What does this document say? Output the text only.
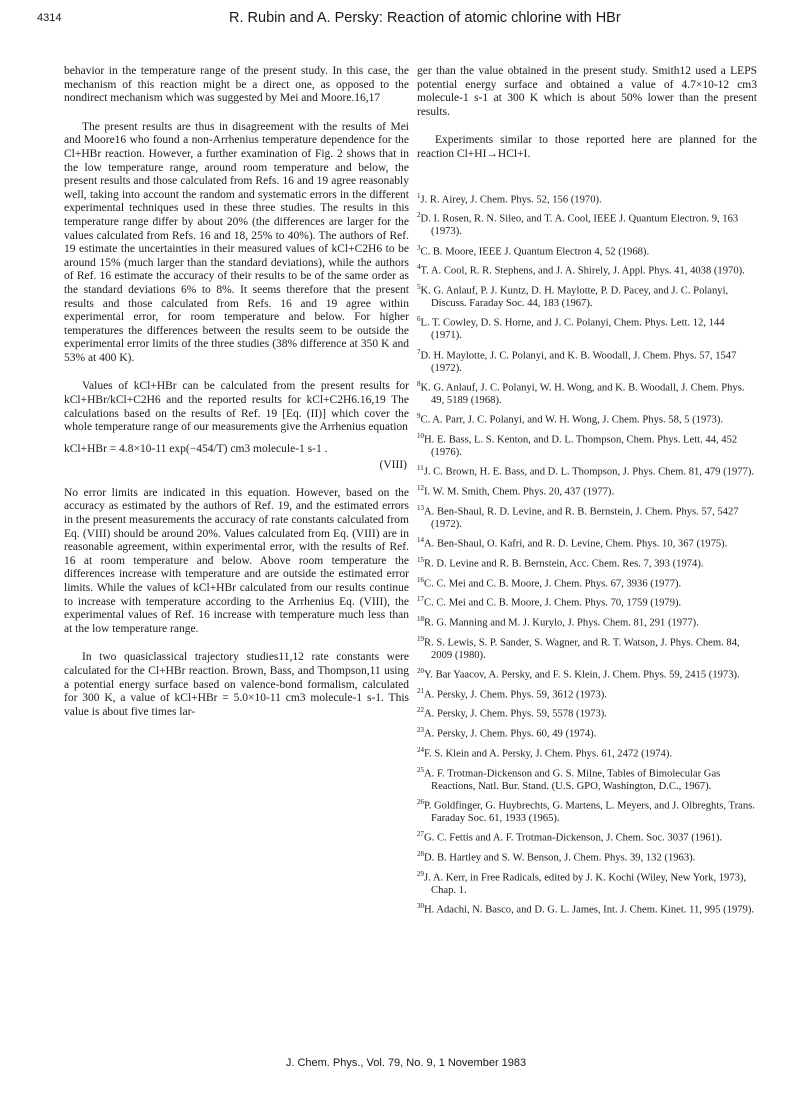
4314	R. Rubin and A. Persky: Reaction of atomic chlorine with HBr

behavior in the temperature range of the present study. In this case, the mechanism of this reaction might be a direct one, as opposed to the nondirect mechanism which was suggested by Mei and Moore.16,17

The present results are thus in disagreement with the results of Mei and Moore16 who found a non-Arrhenius temperature dependence for the Cl+HBr reaction. However, a further examination of Fig. 2 shows that in the low temperature range, around room temperature and below, the present results and those calculated from Refs. 16 and 19 agree reasonably well, taking into account the random and systematic errors in the different experimental techniques used in these three studies. The results in this temperature range differ by about 20% (the differences are larger for the values calculated from Refs. 16 and 18, 25% to 40%). The authors of Ref. 19 estimate the uncertainties in their measured values of kCl+C2H6 to be around 15% (much larger than the standard deviations), while the authors of Ref. 16 estimate the accuracy of their results to be of the same order as the standard deviations 6% to 8%. It seems therefore that the present results and those calculated from Refs. 16 and 19 agree within experimental error, for room temperature and below. For higher temperatures the differences between the results seem to be outside the experimental error limits of the three studies (38% difference at 350 K and 53% at 400 K).

Values of kCl+HBr can be calculated from the present results for kCl+HBr/kCl+C2H6 and the reported results for kCl+C2H6.16,19 The calculations based on the results of Ref. 19 [Eq. (II)] which cover the whole temperature range of our measurements give the Arrhenius equation

kCl+HBr = 4.8×10-11 exp(−454/T) cm3 molecule-1 s-1 .
(VIII)

No error limits are indicated in this equation. However, based on the accuracy as estimated by the authors of Ref. 19, and the estimated errors in the present measurements the accuracy of rate constants calculated from Eq. (VIII) should be around 20%. Values calculated from Eq. (VIII) are in reasonable agreement, within experimental error, with the results of Ref. 16 at room temperature and below. Above room temperature the differences increase with temperature and are outside the estimated error limits. While the values of kCl+HBr calculated from our results continue to increase with temperature according to the Arrhenius Eq. (VIII), the experimental values of Ref. 16 increase with temperature much less than at the low temperature range.

In two quasiclassical trajectory studies11,12 rate constants were calculated for the Cl+HBr reaction. Brown, Bass, and Thompson,11 using a potential energy surface based on valence-bond formalism, calculated for 300 K, a value of kCl+HBr = 5.0×10-11 cm3 molecule-1 s-1. This value is about five times lar-

ger than the value obtained in the present study. Smith12 used a LEPS potential energy surface and obtained a value of 4.7×10-12 cm3 molecule-1 s-1 at 300 K which is about 50% lower than the present results.

Experiments similar to those reported here are planned for the reaction Cl+HI→HCl+I.

$^1$J. R. Airey, J. Chem. Phys. 52, 156 (1970).
$^2$D. I. Rosen, R. N. Sileo, and T. A. Cool, IEEE J. Quantum Electron. 9, 163 (1973).
$^3$C. B. Moore, IEEE J. Quantum Electron 4, 52 (1968).
$^4$T. A. Cool, R. R. Stephens, and J. A. Shirely, J. Appl. Phys. 41, 4038 (1970).
$^5$K. G. Anlauf, P. J. Kuntz, D. H. Maylotte, P. D. Pacey, and J. C. Polanyi, Discuss. Faraday Soc. 44, 183 (1967).
$^6$L. T. Cowley, D. S. Horne, and J. C. Polanyi, Chem. Phys. Lett. 12, 144 (1971).
$^7$D. H. Maylotte, J. C. Polanyi, and K. B. Woodall, J. Chem. Phys. 57, 1547 (1972).
$^8$K. G. Anlauf, J. C. Polanyi, W. H. Wong, and K. B. Woodall, J. Chem. Phys. 49, 5189 (1968).
$^9$C. A. Parr, J. C. Polanyi, and W. H. Wong, J. Chem. Phys. 58, 5 (1973).
$^{10}$H. E. Bass, L. S. Kenton, and D. L. Thompson, Chem. Phys. Lett. 44, 452 (1976).
$^{11}$J. C. Brown, H. E. Bass, and D. L. Thompson, J. Phys. Chem. 81, 479 (1977).
$^{12}$I. W. M. Smith, Chem. Phys. 20, 437 (1977).
$^{13}$A. Ben-Shaul, R. D. Levine, and R. B. Bernstein, J. Chem. Phys. 57, 5427 (1972).
$^{14}$A. Ben-Shaul, O. Kafri, and R. D. Levine, Chem. Phys. 10, 367 (1975).
$^{15}$R. D. Levine and R. B. Bernstein, Acc. Chem. Res. 7, 393 (1974).
$^{16}$C. C. Mei and C. B. Moore, J. Chem. Phys. 67, 3936 (1977).
$^{17}$C. C. Mei and C. B. Moore, J. Chem. Phys. 70, 1759 (1979).
$^{18}$R. G. Manning and M. J. Kurylo, J. Phys. Chem. 81, 291 (1977).
$^{19}$R. S. Lewis, S. P. Sander, S. Wagner, and R. T. Watson, J. Phys. Chem. 84, 2009 (1980).
$^{20}$Y. Bar Yaacov, A. Persky, and F. S. Klein, J. Chem. Phys. 59, 2415 (1973).
$^{21}$A. Persky, J. Chem. Phys. 59, 3612 (1973).
$^{22}$A. Persky, J. Chem. Phys. 59, 5578 (1973).
$^{23}$A. Persky, J. Chem. Phys. 60, 49 (1974).
$^{24}$F. S. Klein and A. Persky, J. Chem. Phys. 61, 2472 (1974).
$^{25}$A. F. Trotman-Dickenson and G. S. Milne, Tables of Bimolecular Gas Reactions, Natl. Bur. Stand. (U.S. GPO, Washington, D.C., 1967).
$^{26}$P. Goldfinger, G. Huybrechts, G. Martens, L. Meyers, and J. Olbreghts, Trans. Faraday Soc. 61, 1933 (1965).
$^{27}$G. C. Fettis and A. F. Trotman-Dickenson, J. Chem. Soc. 3037 (1961).
$^{28}$D. B. Hartley and S. W. Benson, J. Chem. Phys. 39, 132 (1963).
$^{29}$J. A. Kerr, in Free Radicals, edited by J. K. Kochi (Wiley, New York, 1973), Chap. 1.
$^{30}$H. Adachi, N. Basco, and D. G. L. James, Int. J. Chem. Kinet. 11, 995 (1979).
J. Chem. Phys., Vol. 79, No. 9, 1 November 1983
